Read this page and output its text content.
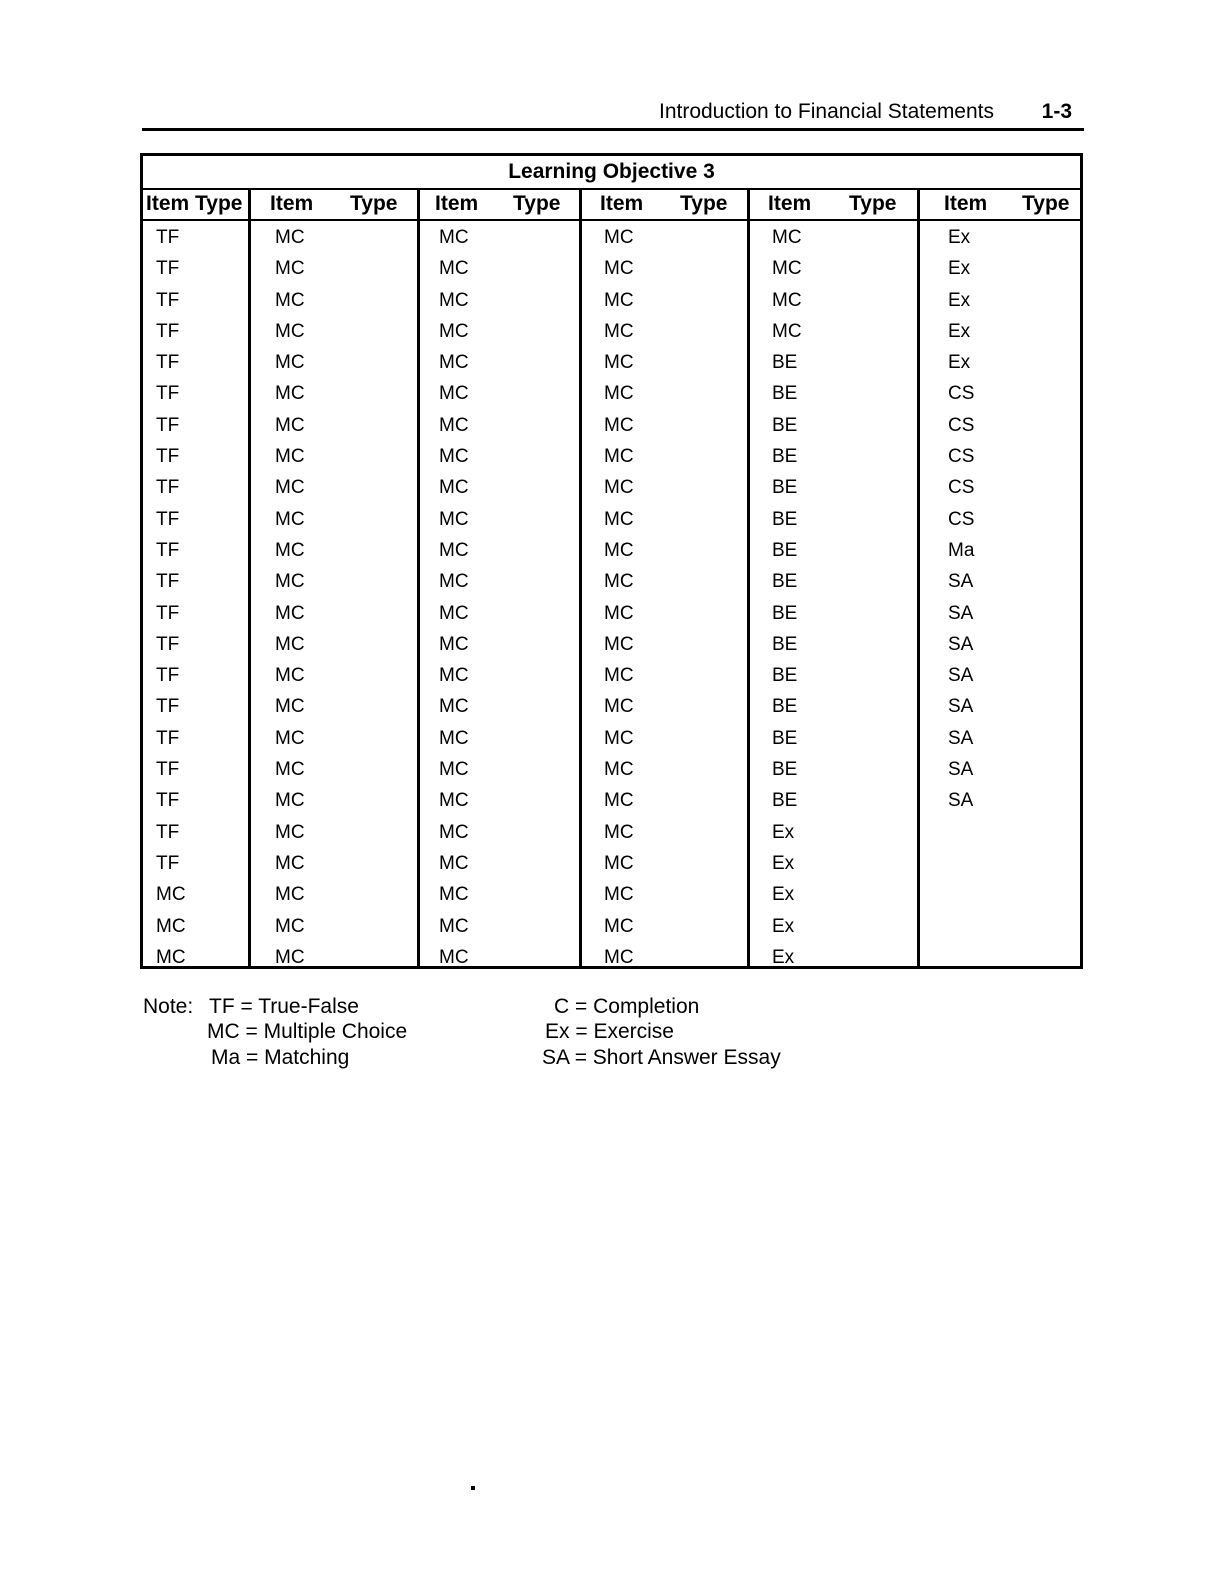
Introduction to Financial Statements 1-3
Learning Objective 3
Item Type Item Type Item Type Item Type Item Type Item Type
TF
TF
TF
TF
TF
TF
TF
TF
TF
TF
TF
TF
TF
TF
TF
TF
TF
TF
TF
TF
TF
MC
MC
MC
MC
MC
MC
MC
MC
MC
MC
MC
MC
MC
MC
MC
MC
MC
MC
MC
MC
MC
MC
MC
MC
MC
MC
MC
MC
MC
MC
MC
MC
MC
MC
MC
MC
MC
MC
MC
MC
MC
MC
MC
MC
MC
MC
MC
MC
MC
MC
MC
MC
MC
MC
MC
MC
MC
MC
MC
MC
MC
MC
MC
MC
MC
MC
MC
MC
MC
MC
MC
MC
MC
MC
MC
MC
MC
MC
MC
BE
BE
BE
BE
BE
BE
BE
BE
BE
BE
BE
BE
BE
BE
BE
Ex
Ex
Ex
Ex
Ex
Ex
Ex
Ex
Ex
Ex
CS
CS
CS
CS
CS
Ma
SA
SA
SA
SA
SA
SA
SA
SA
Note: TF = True-False
MC = Multiple Choice
Ma = Matching
C = Completion
Ex = Exercise
SA = Short Answer Essay
